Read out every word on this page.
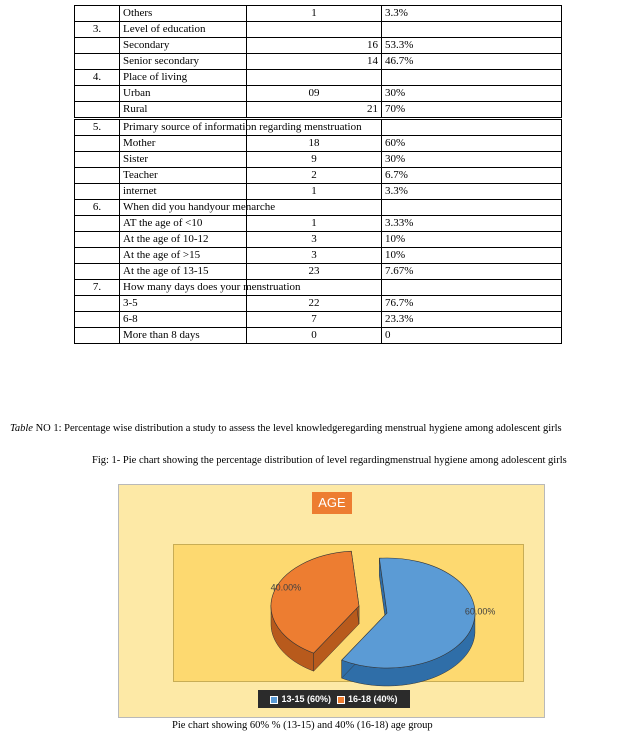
	Others	1	3.3%
3.	Level of education		
	Secondary	16	53.3%
	Senior secondary	14	46.7%
4.	Place of living		
	Urban	09	30%
	Rural	21	70%
5.	Primary source of information regarding menstruation		
	Mother	18	60%
	Sister	9	30%
	Teacher	2	6.7%
	internet	1	3.3%
6.	When did you handyour menarche		
	AT the age of <10	1	3.33%
	At the age of 10-12	3	10%
	At the age of >15	3	10%
	At the age of 13-15	23	7.67%
7.	How many days does your menstruation		
	3-5	22	76.7%
	6-8	7	23.3%
	More than 8 days	0	0
Table NO 1: Percentage wise distribution a study to assess the level knowledgeregarding menstrual hygiene among adolescent girls
Fig: 1- Pie chart showing the percentage distribution of level regardingmenstrual hygiene among adolescent girls
AGE
60.00%
40.00%
13-15 (60%)	16-18 (40%)
Pie chart showing 60% % (13-15) and 40% (16-18) age group
